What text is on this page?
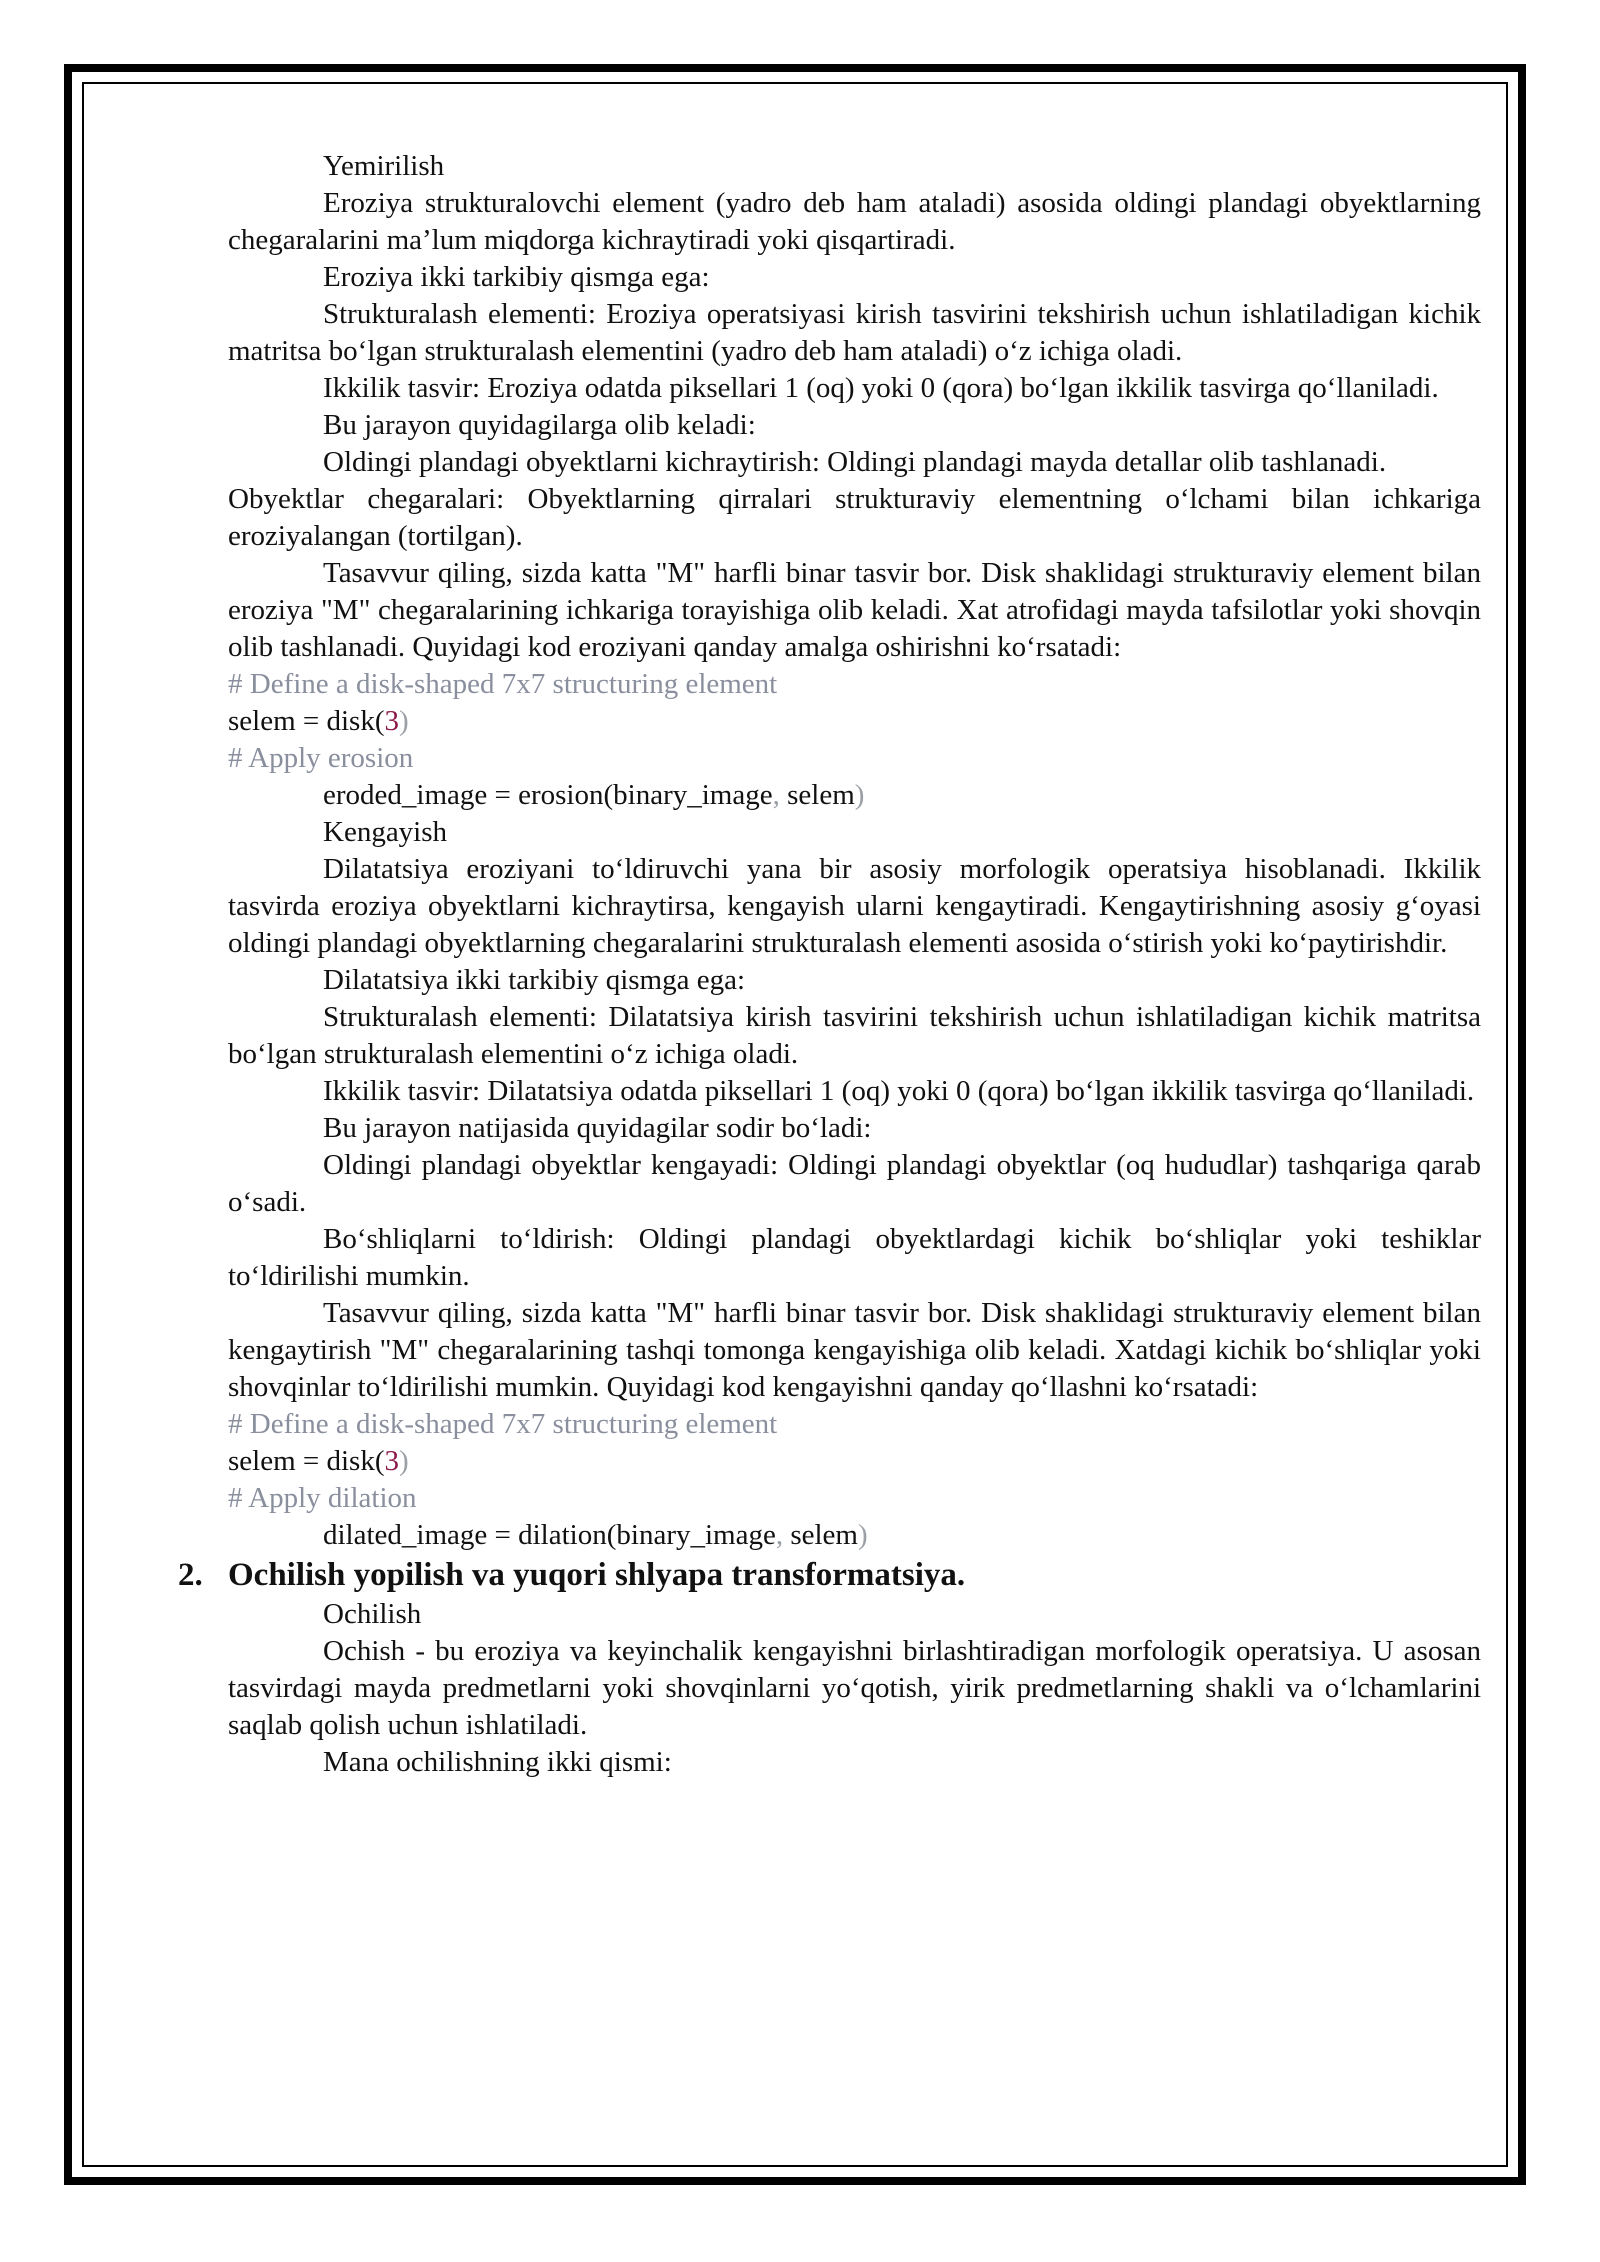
Yemirilish

Eroziya strukturalovchi element (yadro deb ham ataladi) asosida oldingi plandagi obyektlarning chegaralarini ma’lum miqdorga kichraytiradi yoki qisqartiradi.

Eroziya ikki tarkibiy qismga ega:

Strukturalash elementi: Eroziya operatsiyasi kirish tasvirini tekshirish uchun ishlatiladigan kichik matritsa bo‘lgan strukturalash elementini (yadro deb ham ataladi) o‘z ichiga oladi.

Ikkilik tasvir: Eroziya odatda piksellari 1 (oq) yoki 0 (qora) bo‘lgan ikkilik tasvirga qo‘llaniladi.

Bu jarayon quyidagilarga olib keladi:

Oldingi plandagi obyektlarni kichraytirish: Oldingi plandagi mayda detallar olib tashlanadi.

Obyektlar chegaralari: Obyektlarning qirralari strukturaviy elementning o‘lchami bilan ichkariga eroziyalangan (tortilgan).

Tasavvur qiling, sizda katta "M" harfli binar tasvir bor. Disk shaklidagi strukturaviy element bilan eroziya "M" chegaralarining ichkariga torayishiga olib keladi. Xat atrofidagi mayda tafsilotlar yoki shovqin olib tashlanadi. Quyidagi kod eroziyani qanday amalga oshirishni ko‘rsatadi:

# Define a disk-shaped 7x7 structuring element

selem = disk(3)

# Apply erosion

eroded_image = erosion(binary_image, selem)

Kengayish

Dilatatsiya eroziyani to‘ldiruvchi yana bir asosiy morfologik operatsiya hisoblanadi. Ikkilik tasvirda eroziya obyektlarni kichraytirsa, kengayish ularni kengaytiradi. Kengaytirishning asosiy g‘oyasi oldingi plandagi obyektlarning chegaralarini strukturalash elementi asosida o‘stirish yoki ko‘paytirishdir.

Dilatatsiya ikki tarkibiy qismga ega:

Strukturalash elementi: Dilatatsiya kirish tasvirini tekshirish uchun ishlatiladigan kichik matritsa bo‘lgan strukturalash elementini o‘z ichiga oladi.

Ikkilik tasvir: Dilatatsiya odatda piksellari 1 (oq) yoki 0 (qora) bo‘lgan ikkilik tasvirga qo‘llaniladi.

Bu jarayon natijasida quyidagilar sodir bo‘ladi:

Oldingi plandagi obyektlar kengayadi: Oldingi plandagi obyektlar (oq hududlar) tashqariga qarab o‘sadi.

Bo‘shliqlarni to‘ldirish: Oldingi plandagi obyektlardagi kichik bo‘shliqlar yoki teshiklar to‘ldirilishi mumkin.

Tasavvur qiling, sizda katta "M" harfli binar tasvir bor. Disk shaklidagi strukturaviy element bilan kengaytirish "M" chegaralarining tashqi tomonga kengayishiga olib keladi. Xatdagi kichik bo‘shliqlar yoki shovqinlar to‘ldirilishi mumkin. Quyidagi kod kengayishni qanday qo‘llashni ko‘rsatadi:

# Define a disk-shaped 7x7 structuring element

selem = disk(3)

# Apply dilation

dilated_image = dilation(binary_image, selem)

2. Ochilish yopilish va yuqori shlyapa transformatsiya.

Ochilish

Ochish - bu eroziya va keyinchalik kengayishni birlashtiradigan morfologik operatsiya. U asosan tasvirdagi mayda predmetlarni yoki shovqinlarni yo‘qotish, yirik predmetlarning shakli va o‘lchamlarini saqlab qolish uchun ishlatiladi.

Mana ochilishning ikki qismi:
